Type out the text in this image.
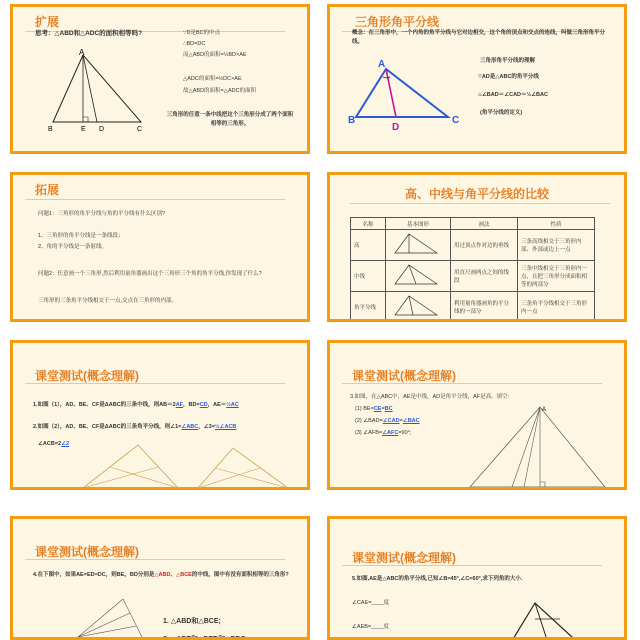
扩展
思考：△ABD和△ADC的面积相等吗?
A
B	E D	C
∵D是BC的中点
∴BD=DC
而△ABD的面积=½BD×AE
△ADC的面积=½DC×AE
故△ABD的面积=△ADC的面积
三角形的任意一条中线把这个三角形分成了两个面积相等的三角形。
三角形角平分线
概念：在三角形中，一个内角的角平分线与它对边相交，这个角的顶点和交点的连线，叫做三角形角平分线。
A
B
D
C
三角形角平分线的理解
∵AD是△ABC的角平分线
∴∠BAD＝∠CAD＝½∠BAC
(角平分线的定义)
拓展
问题1：三角形的角平分线与角的平分线有什么区别?
1、三角形的角平分线是一条线段；
2、角的平分线是一条射线。
问题2：任意画一个三角形,然后利用量角器画出这个三角形三个角的角平分线,你发现了什么?
三角形的三条角平分线相交于一点,交点在三角形的内部。
高、中线与角平分线的比较
名称	基本图形	画法	性质
高		用过顶点作对边的垂线	三条高线相交于三角形内部、外部或边上一点
中线		用直尺画两点之间的线段	三条中线相交于三角形内一点，且把三角形分成面积相等的两部分
角平分线		利用量角器画角的平分线的一部分	三条角平分线相交于三角形内一点
课堂测试(概念理解)
1.如图（1），AD、BE、CF是ΔABC的三条中线，则AB＝2AF，BD=CD，AE＝½AC
2.如图（2），AD、BE、CF是ΔABC的三条角平分线，则∠1=∠ABC，∠3=½∠ACB
∠ACB=2∠2
课堂测试(概念理解)
3.如图，在△ABC中，AE是中线，AD是角平分线，AF是高。填空:
(1) BE=CE=BC
(2) ∠BAD=∠CAD=∠BAC
(3) ∠AFB=∠AFC=90°;
A
C	E D F	B
课堂测试(概念理解)
4.在下图中，如果AE=ED=DC，则BE，BD分别是△ABD、△BCE的中线，图中有没有面积相等的三角形?
1. △ABD和△BCE;
2. △ABE和△BED和△BDC
课堂测试(概念理解)
5.如图,AE是△ABC的角平分线,已知∠B=45°,∠C=60°,求下列角的大小.
∠CAE=____度
∠AEB=____度
